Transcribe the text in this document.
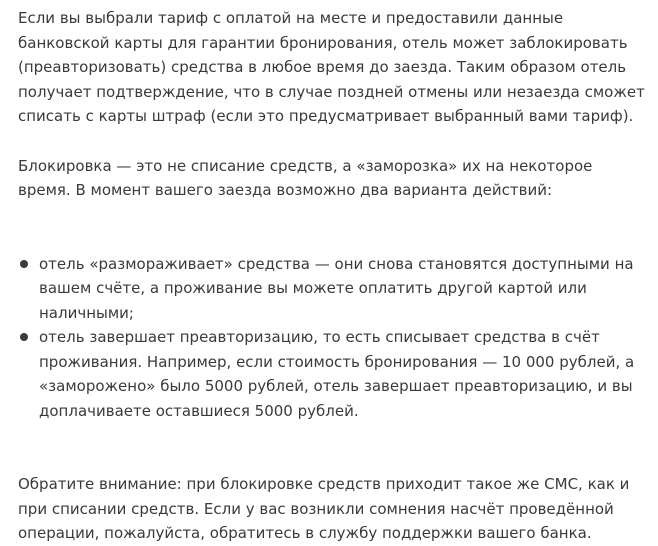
Если вы выбрали тариф с оплатой на месте и предоставили данные банковской карты для гарантии бронирования, отель может заблокировать (преавторизовать) средства в любое время до заезда. Таким образом отель получает подтверждение, что в случае поздней отмены или незаезда сможет списать с карты штраф (если это предусматривает выбранный вами тариф).

Блокировка — это не списание средств, а «заморозка» их на некоторое время. В момент вашего заезда возможно два варианта действий:

отель «размораживает» средства — они снова становятся доступными на вашем счёте, а проживание вы можете оплатить другой картой или наличными;
отель завершает преавторизацию, то есть списывает средства в счёт проживания. Например, если стоимость бронирования — 10 000 рублей, а «заморожено» было 5000 рублей, отель завершает преавторизацию, и вы доплачиваете оставшиеся 5000 рублей.

Обратите внимание: при блокировке средств приходит такое же СМС, как и при списании средств. Если у вас возникли сомнения насчёт проведённой операции, пожалуйста, обратитесь в службу поддержки вашего банка.
